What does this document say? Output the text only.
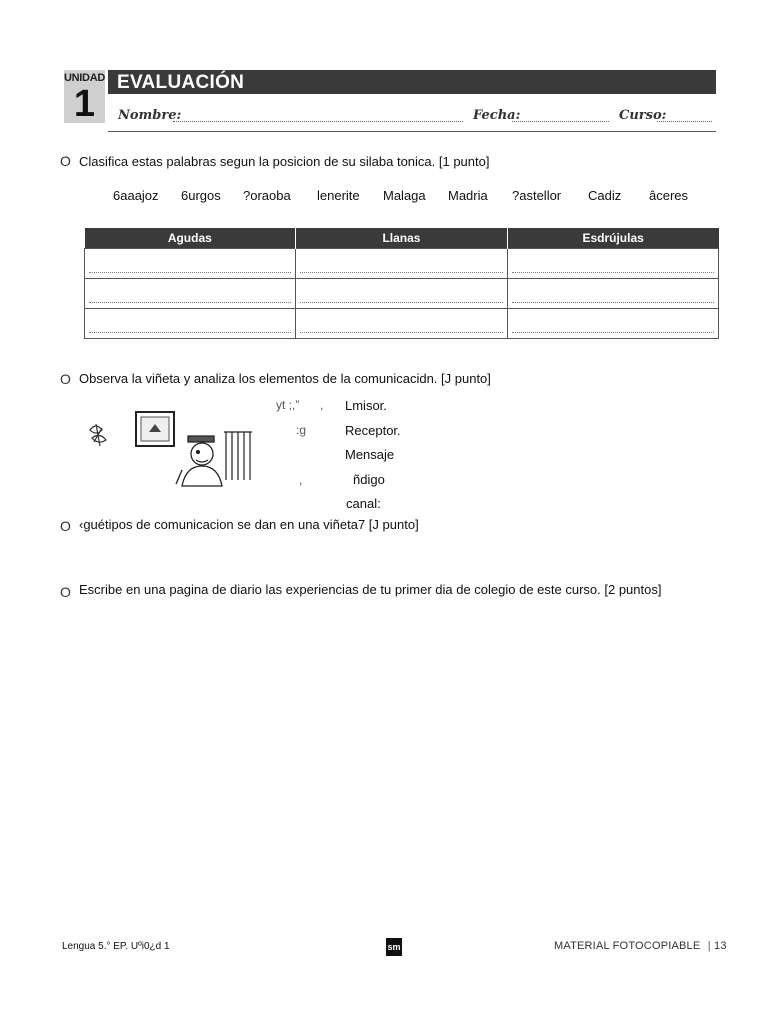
UNIDAD
1
EVALUACIÓN
Nombre:	Fecha:	Curso:
O Clasifica estas palabras segun la posicion de su silaba tonica. [1 punto]
6aaajoz 6urgos ?oraoba lenerite Malaga Madria ?astellor Cadiz âceres
Agudas	Llanas	Esdrújulas

O Observa la viñeta y analiza los elementos de la comunicacidn. [J punto]
yt ;,” ,
:g
,
Lmisor.
Receptor.
Mensaje
ñdigo
canal:
O ‹guétipos de comunicacion se dan en una viñeta7 [J punto]
O Escribe en una pagina de diario las experiencias de tu primer dia de colegio de este curso. [2 puntos]
Lengua 5.° EP. Uºi0¿d 1	sm	MATERIAL FOTOCOPIABLE | 13
